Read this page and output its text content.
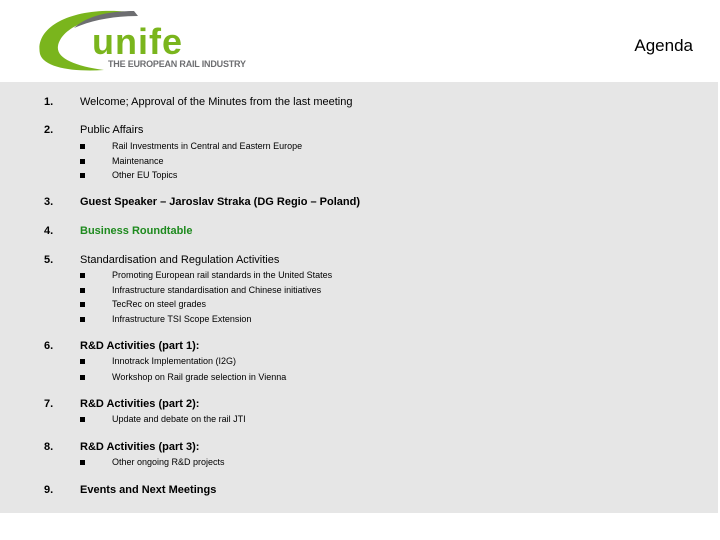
unife
THE EUROPEAN RAIL INDUSTRY
Agenda
1. Welcome; Approval of the Minutes from the last meeting
2. Public Affairs
Rail Investments in Central and Eastern Europe
Maintenance
Other EU Topics
3. Guest Speaker – Jaroslav Straka (DG Regio – Poland)
4. Business Roundtable
5. Standardisation and Regulation Activities
Promoting European rail standards in the United States
Infrastructure standardisation and Chinese initiatives
TecRec on steel grades
Infrastructure TSI Scope Extension
6. R&D Activities (part 1):
Innotrack Implementation (I2G)
Workshop on Rail grade selection in Vienna
7. R&D Activities (part 2):
Update and debate on the rail JTI
8. R&D Activities (part 3):
Other ongoing R&D projects
9. Events and Next Meetings
